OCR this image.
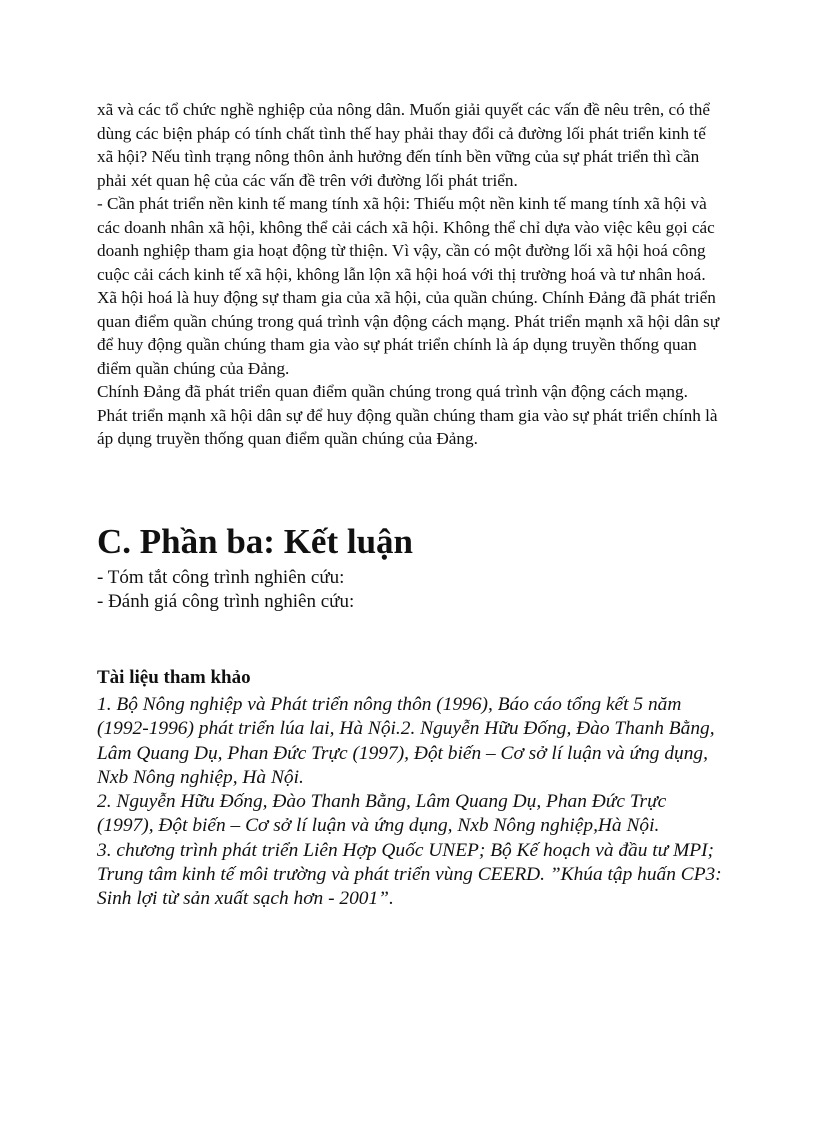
xã và các tổ chức nghề nghiệp của nông dân. Muốn giải quyết các vấn đề nêu trên, có thể dùng các biện pháp có tính chất tình thế hay phải thay đổi cả đường lối phát triển kinh tế xã hội? Nếu tình trạng nông thôn ảnh hưởng đến tính bền vững của sự phát triển thì cần phải xét quan hệ của các vấn đề trên với đường lối phát triển.

- Cần phát triển nền kinh tế mang tính xã hội: Thiếu một nền kinh tế mang tính xã hội và các doanh nhân xã hội, không thể cải cách xã hội. Không thể chỉ dựa vào việc kêu gọi các doanh nghiệp tham gia hoạt động từ thiện. Vì vậy, cần có một đường lối xã hội hoá công cuộc cải cách kinh tế xã hội, không lẫn lộn xã hội hoá với thị trường hoá và tư nhân hoá. Xã hội hoá là huy động sự tham gia của xã hội, của quần chúng. Chính Đảng đã phát triển quan điểm quần chúng trong quá trình vận động cách mạng. Phát triển mạnh xã hội dân sự để huy động quần chúng tham gia vào sự phát triển chính là áp dụng truyền thống quan điểm quần chúng của Đảng.

Chính Đảng đã phát triển quan điểm quần chúng trong quá trình vận động cách mạng. Phát triển mạnh xã hội dân sự để huy động quần chúng tham gia vào sự phát triển chính là áp dụng truyền thống quan điểm quần chúng của Đảng.

C. Phần ba: Kết luận

- Tóm tắt công trình nghiên cứu:

- Đánh giá công trình nghiên cứu:

Tài liệu tham khảo

1. Bộ Nông nghiệp và Phát triển nông thôn (1996), Báo cáo tổng kết 5 năm (1992-1996) phát triển lúa lai, Hà Nội.2. Nguyễn Hữu Đống, Đào Thanh Bằng, Lâm Quang Dụ, Phan Đức Trực (1997), Đột biến – Cơ sở lí luận và ứng dụng, Nxb Nông nghiệp, Hà Nội.

2. Nguyễn Hữu Đống, Đào Thanh Bằng, Lâm Quang Dụ, Phan Đức Trực (1997), Đột biến – Cơ sở lí luận và ứng dụng, Nxb Nông nghiệp,Hà Nội.

3. chương trình phát triển Liên Hợp Quốc UNEP; Bộ Kế hoạch và đầu tư MPI; Trung tâm kinh tế môi trường và phát triển vùng CEERD. ”Khúa tập huấn CP3: Sinh lợi từ sản xuất sạch hơn - 2001”.
